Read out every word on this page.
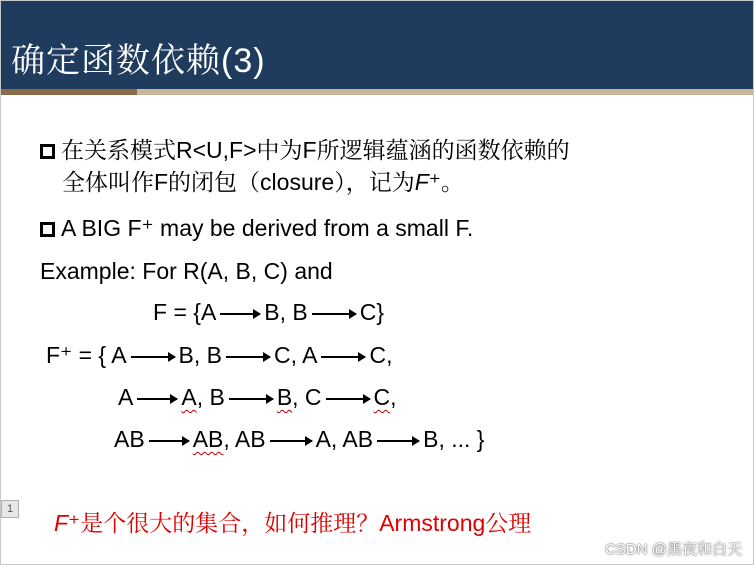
确定函数依赖(3)
在关系模式R<U,F>中为F所逻辑蕴涵的函数依赖的
全体叫作F的闭包（closure），记为F⁺。
A BIG F⁺ may be derived from a small F.
Example: For R(A, B, C) and
F = {A B, B C}
F⁺ = { A B, B C, A C,
A A, B B, C C,
AB AB, AB A, AB B, ... }
1
F⁺是个很大的集合，如何推理？Armstrong公理
CSDN @黑夜和白天
